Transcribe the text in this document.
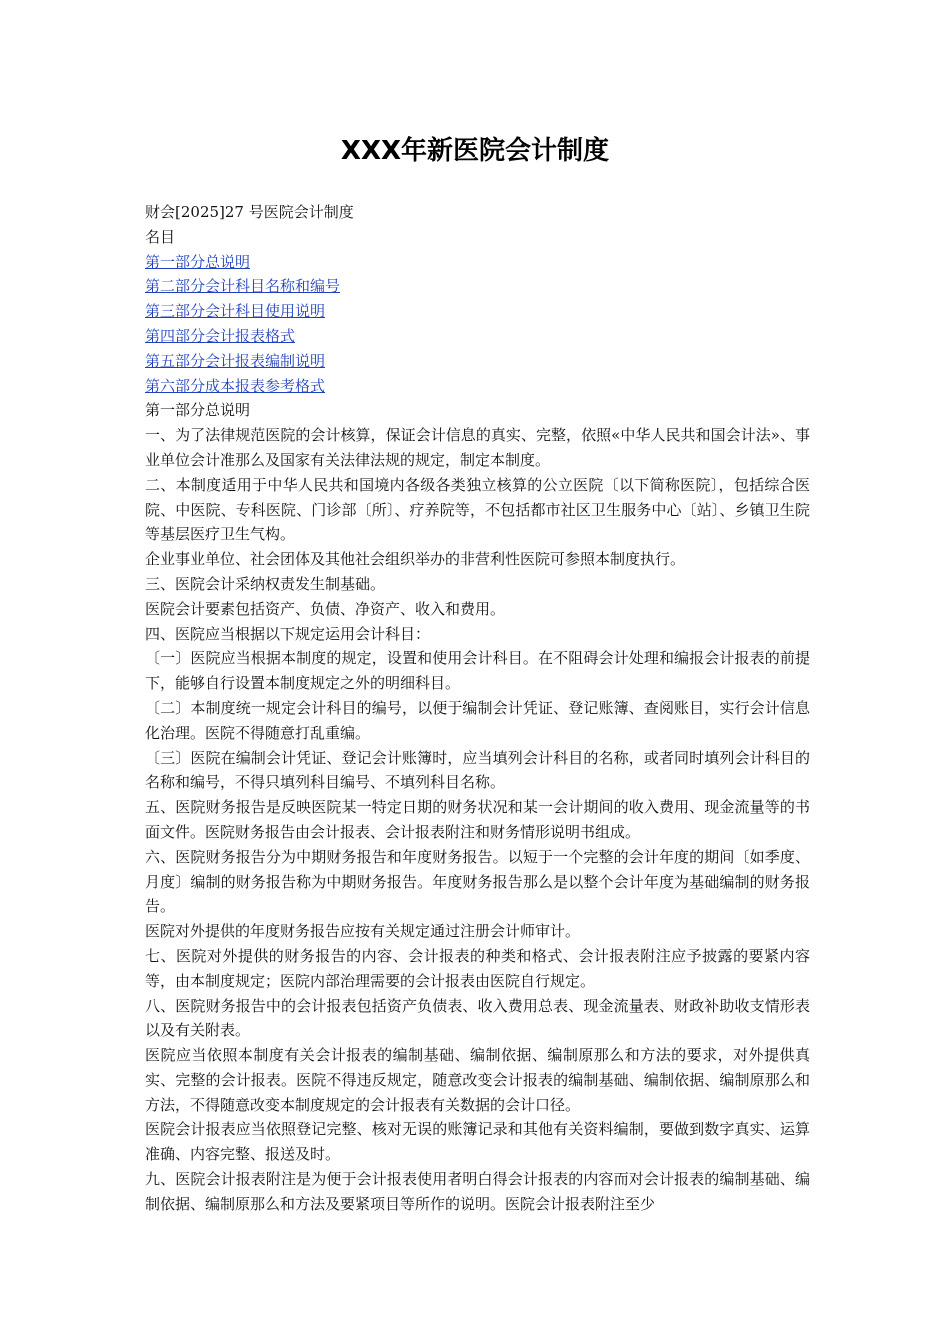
XXX年新医院会计制度

财会[2025]27 号医院会计制度

名目

第一部分总说明
第二部分会计科目名称和编号
第三部分会计科目使用说明
第四部分会计报表格式
第五部分会计报表编制说明
第六部分成本报表参考格式

第一部分总说明

一、为了法律规范医院的会计核算，保证会计信息的真实、完整，依照«中华人民共和国会计法»、事业单位会计准那么及国家有关法律法规的规定，制定本制度。

二、本制度适用于中华人民共和国境内各级各类独立核算的公立医院〔以下简称医院〕，包括综合医院、中医院、专科医院、门诊部〔所〕、疗养院等，不包括都市社区卫生服务中心〔站〕、乡镇卫生院等基层医疗卫生气构。

企业事业单位、社会团体及其他社会组织举办的非营利性医院可参照本制度执行。

三、医院会计采纳权责发生制基础。

医院会计要素包括资产、负债、净资产、收入和费用。

四、医院应当根据以下规定运用会计科目：

〔一〕医院应当根据本制度的规定，设置和使用会计科目。在不阻碍会计处理和编报会计报表的前提下，能够自行设置本制度规定之外的明细科目。

〔二〕本制度统一规定会计科目的编号，以便于编制会计凭证、登记账簿、查阅账目，实行会计信息化治理。医院不得随意打乱重编。

〔三〕医院在编制会计凭证、登记会计账簿时，应当填列会计科目的名称，或者同时填列会计科目的名称和编号，不得只填列科目编号、不填列科目名称。

五、医院财务报告是反映医院某一特定日期的财务状况和某一会计期间的收入费用、现金流量等的书面文件。医院财务报告由会计报表、会计报表附注和财务情形说明书组成。

六、医院财务报告分为中期财务报告和年度财务报告。以短于一个完整的会计年度的期间〔如季度、月度〕编制的财务报告称为中期财务报告。年度财务报告那么是以整个会计年度为基础编制的财务报告。

医院对外提供的年度财务报告应按有关规定通过注册会计师审计。

七、医院对外提供的财务报告的内容、会计报表的种类和格式、会计报表附注应予披露的要紧内容等，由本制度规定；医院内部治理需要的会计报表由医院自行规定。

八、医院财务报告中的会计报表包括资产负债表、收入费用总表、现金流量表、财政补助收支情形表以及有关附表。

医院应当依照本制度有关会计报表的编制基础、编制依据、编制原那么和方法的要求，对外提供真实、完整的会计报表。医院不得违反规定，随意改变会计报表的编制基础、编制依据、编制原那么和方法，不得随意改变本制度规定的会计报表有关数据的会计口径。

医院会计报表应当依照登记完整、核对无误的账簿记录和其他有关资料编制，要做到数字真实、运算准确、内容完整、报送及时。

九、医院会计报表附注是为便于会计报表使用者明白得会计报表的内容而对会计报表的编制基础、编制依据、编制原那么和方法及要紧项目等所作的说明。医院会计报表附注至少
